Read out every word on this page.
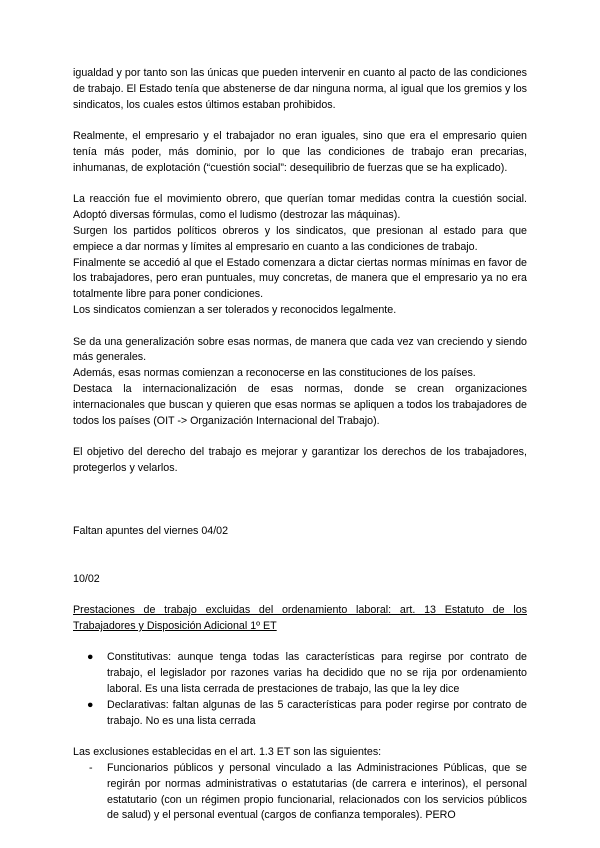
igualdad y por tanto son las únicas que pueden intervenir en cuanto al pacto de las condiciones de trabajo. El Estado tenía que abstenerse de dar ninguna norma, al igual que los gremios y los sindicatos, los cuales estos últimos estaban prohibidos.

Realmente, el empresario y el trabajador no eran iguales, sino que era el empresario quien tenía más poder, más dominio, por lo que las condiciones de trabajo eran precarias, inhumanas, de explotación (“cuestión social”: desequilibrio de fuerzas que se ha explicado).

La reacción fue el movimiento obrero, que querían tomar medidas contra la cuestión social. Adoptó diversas fórmulas, como el ludismo (destrozar las máquinas).

Surgen los partidos políticos obreros y los sindicatos, que presionan al estado para que empiece a dar normas y límites al empresario en cuanto a las condiciones de trabajo.

Finalmente se accedió al que el Estado comenzara a dictar ciertas normas mínimas en favor de los trabajadores, pero eran puntuales, muy concretas, de manera que el empresario ya no era totalmente libre para poner condiciones.

Los sindicatos comienzan a ser tolerados y reconocidos legalmente.

Se da una generalización sobre esas normas, de manera que cada vez van creciendo y siendo más generales.

Además, esas normas comienzan a reconocerse en las constituciones de los países.

Destaca la internacionalización de esas normas, donde se crean organizaciones internacionales que buscan y quieren que esas normas se apliquen a todos los trabajadores de todos los países (OIT -> Organización Internacional del Trabajo).

El objetivo del derecho del trabajo es mejorar y garantizar los derechos de los trabajadores, protegerlos y velarlos.

Faltan apuntes del viernes 04/02

10/02

Prestaciones de trabajo excluidas del ordenamiento laboral: art. 13 Estatuto de los Trabajadores y Disposición Adicional 1º ET

● Constitutivas: aunque tenga todas las características para regirse por contrato de trabajo, el legislador por razones varias ha decidido que no se rija por ordenamiento laboral. Es una lista cerrada de prestaciones de trabajo, las que la ley dice
● Declarativas: faltan algunas de las 5 características para poder regirse por contrato de trabajo. No es una lista cerrada

Las exclusiones establecidas en el art. 1.3 ET son las siguientes:

- Funcionarios públicos y personal vinculado a las Administraciones Públicas, que se regirán por normas administrativas o estatutarias (de carrera e interinos), el personal estatutario (con un régimen propio funcionarial, relacionados con los servicios públicos de salud) y el personal eventual (cargos de confianza temporales). PERO
